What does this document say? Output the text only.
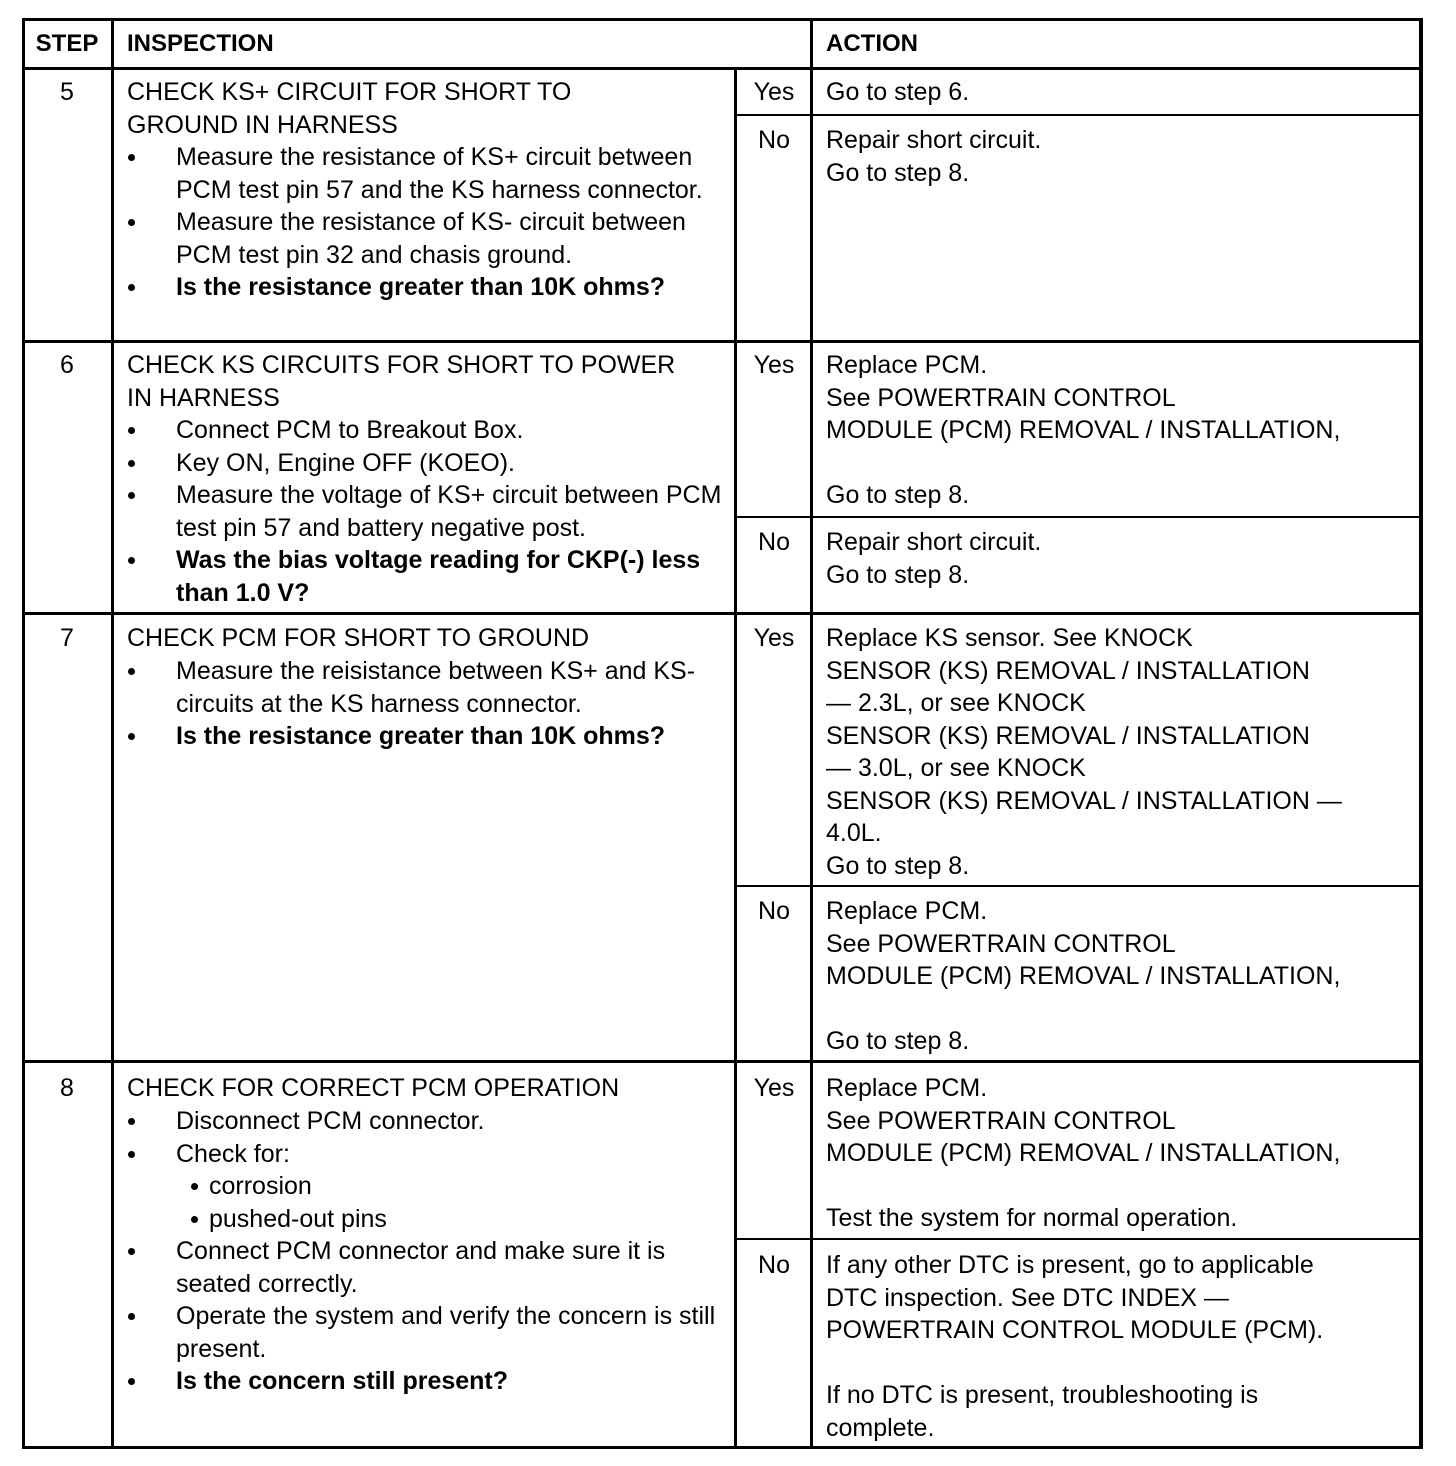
STEP	INSPECTION	ACTION
5	CHECK KS+ CIRCUIT FOR SHORT TO
GROUND IN HARNESS
Measure the resistance of KS+ circuit between PCM test pin 57 and the KS harness connector.
Measure the resistance of KS- circuit between PCM test pin 32 and chasis ground.
Is the resistance greater than 10K ohms?
Yes	Go to step 6.
No	Repair short circuit.
Go to step 8.
6	CHECK KS CIRCUITS FOR SHORT TO POWER
IN HARNESS
Connect PCM to Breakout Box.
Key ON, Engine OFF (KOEO).
Measure the voltage of KS+ circuit between PCM test pin 57 and battery negative post.
Was the bias voltage reading for CKP(-) less than 1.0 V?
Yes	Replace PCM.
See POWERTRAIN CONTROL
MODULE (PCM) REMOVAL / INSTALLATION,

Go to step 8.
No	Repair short circuit.
Go to step 8.
7	CHECK PCM FOR SHORT TO GROUND
Measure the reisistance between KS+ and KS- circuits at the KS harness connector.
Is the resistance greater than 10K ohms?
Yes	Replace KS sensor. See KNOCK
SENSOR (KS) REMOVAL / INSTALLATION
— 2.3L, or see KNOCK
SENSOR (KS) REMOVAL / INSTALLATION
— 3.0L, or see KNOCK
SENSOR (KS) REMOVAL / INSTALLATION —
4.0L.
Go to step 8.
No	Replace PCM.
See POWERTRAIN CONTROL
MODULE (PCM) REMOVAL / INSTALLATION,

Go to step 8.
8	CHECK FOR CORRECT PCM OPERATION
Disconnect PCM connector.
Check for:
corrosion
pushed-out pins
Connect PCM connector and make sure it is seated correctly.
Operate the system and verify the concern is still present.
Is the concern still present?
Yes	Replace PCM.
See POWERTRAIN CONTROL
MODULE (PCM) REMOVAL / INSTALLATION,

Test the system for normal operation.
No	If any other DTC is present, go to applicable
DTC inspection. See DTC INDEX —
POWERTRAIN CONTROL MODULE (PCM).

If no DTC is present, troubleshooting is
complete.
